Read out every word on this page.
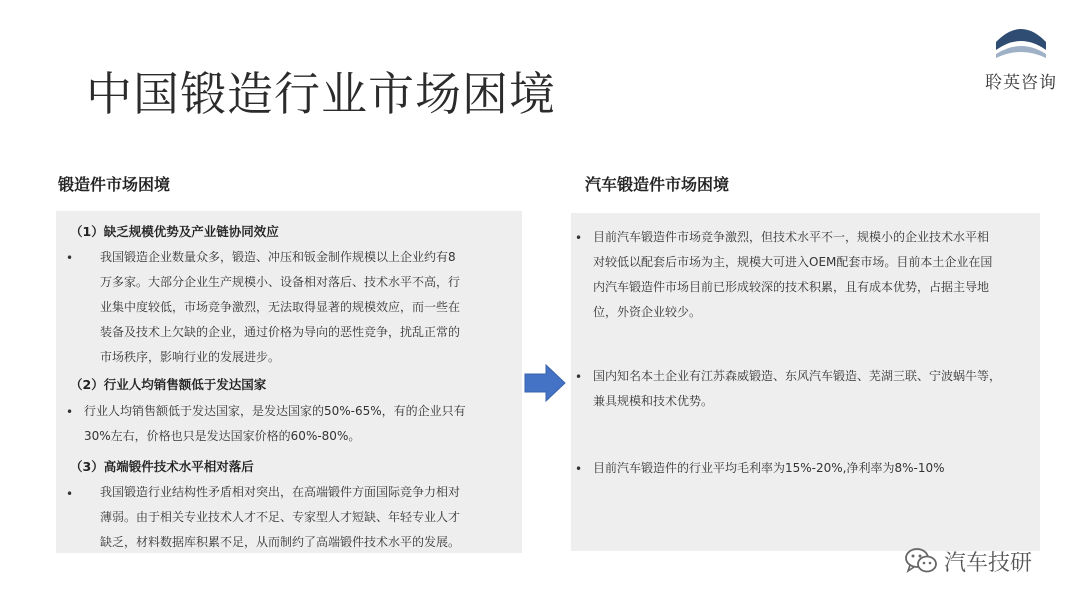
中国锻造行业市场困境	聆英咨询
锻造件市场困境	汽车锻造件市场困境
（1）缺乏规模优势及产业链协同效应
• 我国锻造企业数量众多，锻造、冲压和钣金制作规模以上企业约有8
万多家。大部分企业生产规模小、设备相对落后、技术水平不高，行
业集中度较低，市场竞争激烈，无法取得显著的规模效应，而一些在
装备及技术上欠缺的企业，通过价格为导向的恶性竞争，扰乱正常的
市场秩序，影响行业的发展进步。
（2）行业人均销售额低于发达国家
• 行业人均销售额低于发达国家，是发达国家的50%-65%，有的企业只有
30%左右，价格也只是发达国家价格的60%-80%。
（3）高端锻件技术水平相对落后
• 我国锻造行业结构性矛盾相对突出，在高端锻件方面国际竞争力相对
薄弱。由于相关专业技术人才不足、专家型人才短缺、年轻专业人才
缺乏，材料数据库积累不足，从而制约了高端锻件技术水平的发展。
• 目前汽车锻造件市场竞争激烈，但技术水平不一，规模小的企业技术水平相
对较低以配套后市场为主，规模大可进入OEM配套市场。目前本土企业在国
内汽车锻造件市场目前已形成较深的技术积累，且有成本优势，占据主导地
位，外资企业较少。
• 国内知名本土企业有江苏森威锻造、东风汽车锻造、芜湖三联、宁波蜗牛等，
兼具规模和技术优势。
• 目前汽车锻造件的行业平均毛利率为15%-20%,净利率为8%-10%
汽车技研
